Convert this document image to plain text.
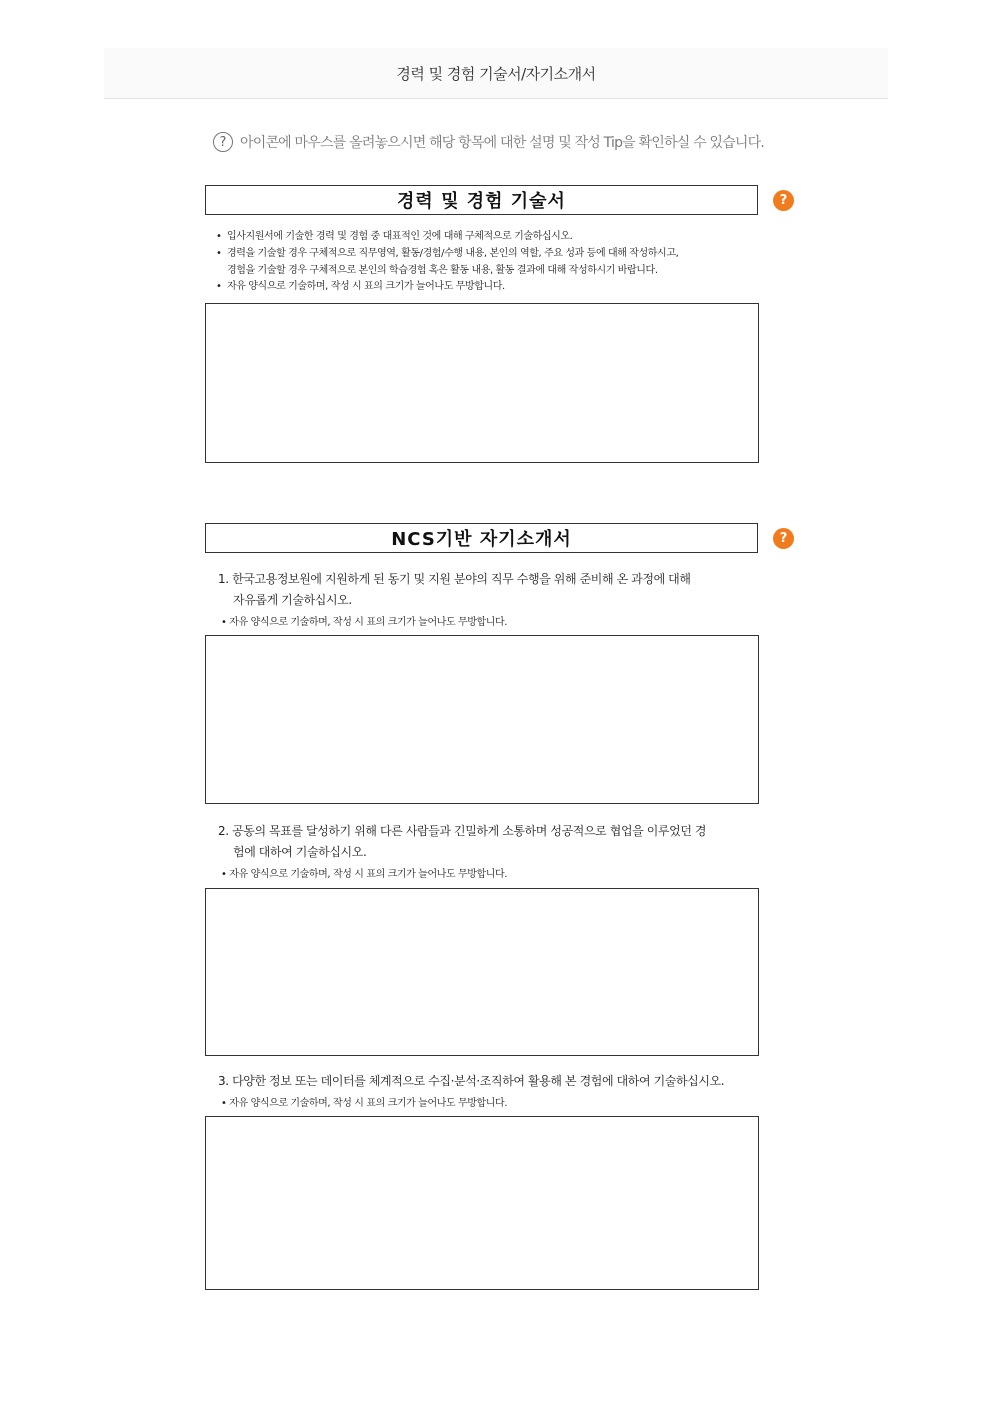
경력 및 경험 기술서/자기소개서
? 아이콘에 마우스를 올려놓으시면 해당 항목에 대한 설명 및 작성 Tip을 확인하실 수 있습니다.
경력 및 경험 기술서	?
• 입사지원서에 기술한 경력 및 경험 중 대표적인 것에 대해 구체적으로 기술하십시오.
• 경력을 기술할 경우 구체적으로 직무영역, 활동/경험/수행 내용, 본인의 역할, 주요 성과 등에 대해 작성하시고,
경험을 기술할 경우 구체적으로 본인의 학습경험 혹은 활동 내용, 활동 결과에 대해 작성하시기 바랍니다.
• 자유 양식으로 기술하며, 작성 시 표의 크기가 늘어나도 무방합니다.
NCS기반 자기소개서	?
1. 한국고용정보원에 지원하게 된 동기 및 지원 분야의 직무 수행을 위해 준비해 온 과정에 대해
자유롭게 기술하십시오.
• 자유 양식으로 기술하며, 작성 시 표의 크기가 늘어나도 무방합니다.
2. 공동의 목표를 달성하기 위해 다른 사람들과 긴밀하게 소통하며 성공적으로 협업을 이루었던 경
험에 대하여 기술하십시오.
• 자유 양식으로 기술하며, 작성 시 표의 크기가 늘어나도 무방합니다.
3. 다양한 정보 또는 데이터를 체계적으로 수집·분석·조직하여 활용해 본 경험에 대하여 기술하십시오.
• 자유 양식으로 기술하며, 작성 시 표의 크기가 늘어나도 무방합니다.
